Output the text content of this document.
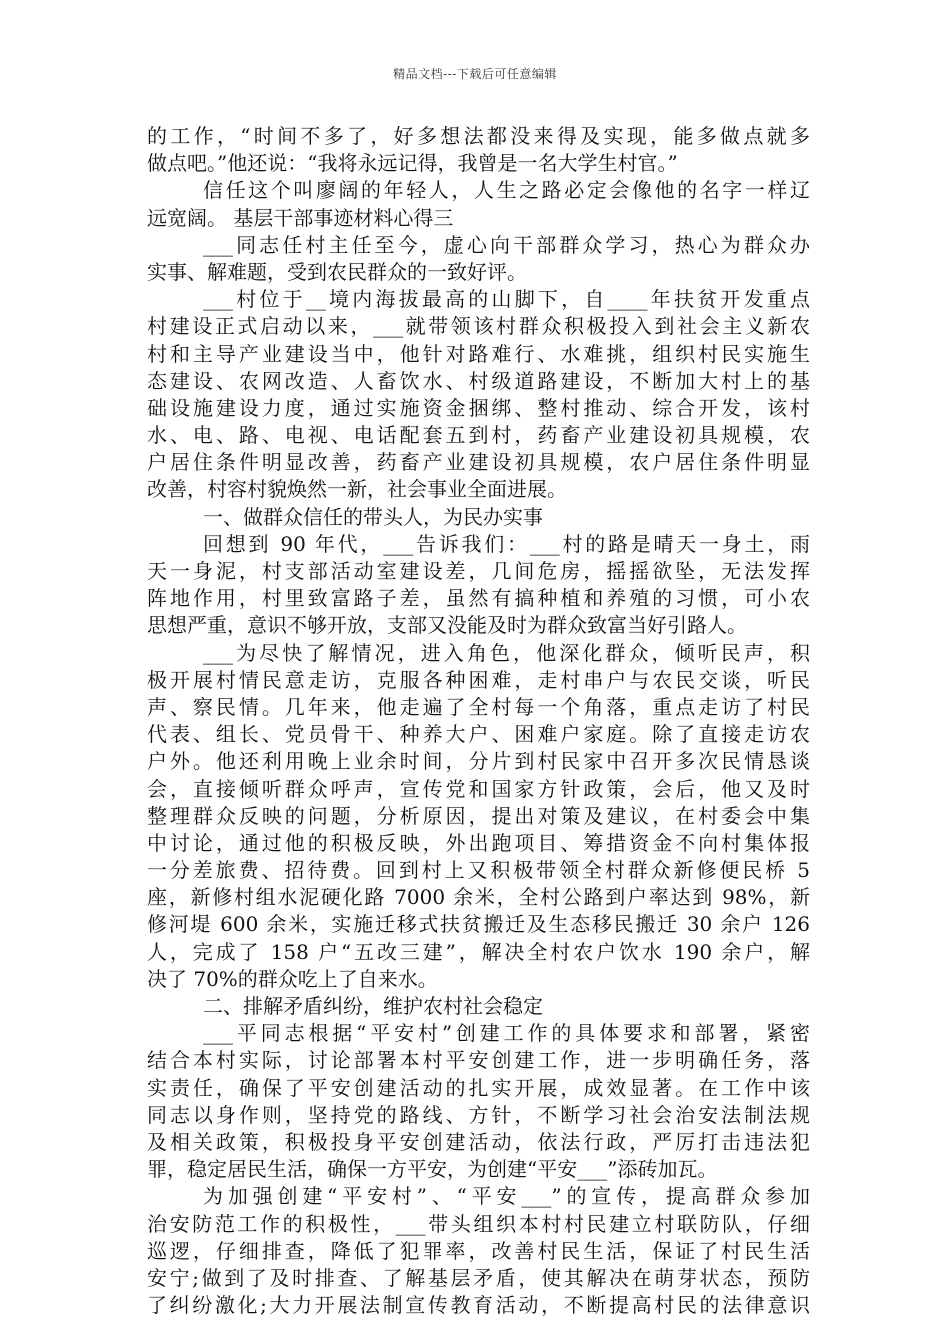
精品文档---下载后可任意编辑
的工作，“时间不多了，好多想法都没来得及实现，能多做点就多
做点吧。”他还说：“我将永远记得，我曾是一名大学生村官。”
信任这个叫廖阔的年轻人，人生之路必定会像他的名字一样辽
远宽阔。 基层干部事迹材料心得三
___同志任村主任至今，虚心向干部群众学习，热心为群众办
实事、解难题，受到农民群众的一致好评。
___村位于__境内海拔最高的山脚下，自____年扶贫开发重点
村建设正式启动以来，___就带领该村群众积极投入到社会主义新农
村和主导产业建设当中，他针对路难行、水难挑，组织村民实施生
态建设、农网改造、人畜饮水、村级道路建设，不断加大村上的基
础设施建设力度，通过实施资金捆绑、整村推动、综合开发，该村
水、电、路、电视、电话配套五到村，药畜产业建设初具规模，农
户居住条件明显改善，药畜产业建设初具规模，农户居住条件明显
改善，村容村貌焕然一新，社会事业全面进展。
一、做群众信任的带头人，为民办实事
回想到 90 年代，___告诉我们：___村的路是晴天一身土，雨
天一身泥，村支部活动室建设差，几间危房，摇摇欲坠，无法发挥
阵地作用，村里致富路子差，虽然有搞种植和养殖的习惯，可小农
思想严重，意识不够开放，支部又没能及时为群众致富当好引路人。
___为尽快了解情况，进入角色，他深化群众，倾听民声，积
极开展村情民意走访，克服各种困难，走村串户与农民交谈，听民
声、察民情。几年来，他走遍了全村每一个角落，重点走访了村民
代表、组长、党员骨干、种养大户、困难户家庭。除了直接走访农
户外。他还利用晚上业余时间，分片到村民家中召开多次民情恳谈
会，直接倾听群众呼声，宣传党和国家方针政策，会后，他又及时
整理群众反映的问题，分析原因，提出对策及建议，在村委会中集
中讨论，通过他的积极反映，外出跑项目、筹措资金不向村集体报
一分差旅费、招待费。回到村上又积极带领全村群众新修便民桥 5
座，新修村组水泥硬化路 7000 余米，全村公路到户率达到 98%，新
修河堤 600 余米，实施迁移式扶贫搬迁及生态移民搬迁 30 余户 126
人，完成了 158 户“五改三建”，解决全村农户饮水 190 余户，解
决了 70%的群众吃上了自来水。
二、排解矛盾纠纷，维护农村社会稳定
___平同志根据“平安村”创建工作的具体要求和部署，紧密
结合本村实际，讨论部署本村平安创建工作，进一步明确任务，落
实责任，确保了平安创建活动的扎实开展，成效显著。在工作中该
同志以身作则，坚持党的路线、方针，不断学习社会治安法制法规
及相关政策，积极投身平安创建活动，依法行政，严厉打击违法犯
罪，稳定居民生活，确保一方平安，为创建“平安___”添砖加瓦。
为加强创建“平安村”、“平安___”的宣传，提高群众参加
治安防范工作的积极性，___带头组织本村村民建立村联防队，仔细
巡逻，仔细排查，降低了犯罪率，改善村民生活，保证了村民生活
安宁;做到了及时排查、了解基层矛盾，使其解决在萌芽状态，预防
了纠纷激化;大力开展法制宣传教育活动，不断提高村民的法律意识
